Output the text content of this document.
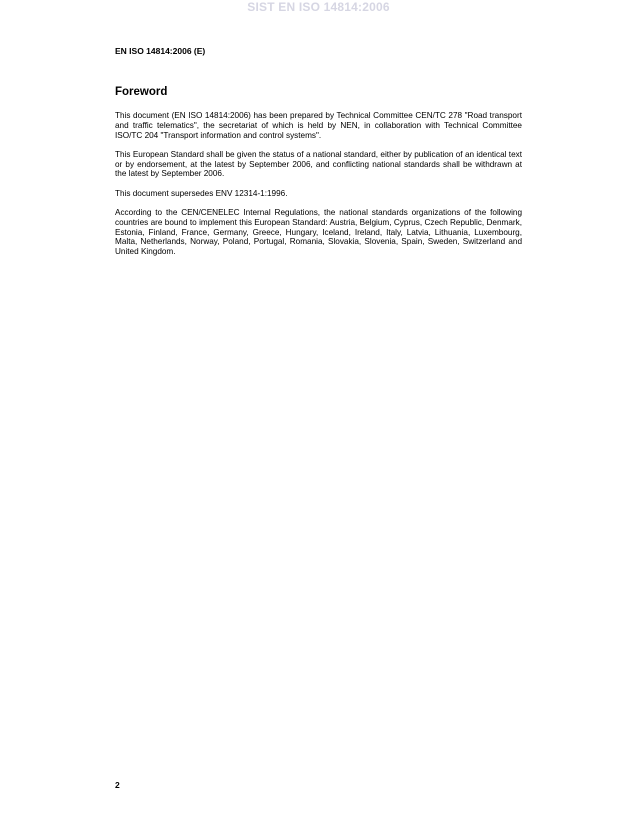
SIST EN ISO 14814:2006
EN ISO 14814:2006 (E)
Foreword

This document (EN ISO 14814:2006) has been prepared by Technical Committee CEN/TC 278 "Road transport and traffic telematics", the secretariat of which is held by NEN, in collaboration with Technical Committee ISO/TC 204 "Transport information and control systems".

This European Standard shall be given the status of a national standard, either by publication of an identical text or by endorsement, at the latest by September 2006, and conflicting national standards shall be withdrawn at the latest by September 2006.

This document supersedes ENV 12314-1:1996.

According to the CEN/CENELEC Internal Regulations, the national standards organizations of the following countries are bound to implement this European Standard: Austria, Belgium, Cyprus, Czech Republic, Denmark, Estonia, Finland, France, Germany, Greece, Hungary, Iceland, Ireland, Italy, Latvia, Lithuania, Luxembourg, Malta, Netherlands, Norway, Poland, Portugal, Romania, Slovakia, Slovenia, Spain, Sweden, Switzerland and United Kingdom.

2
